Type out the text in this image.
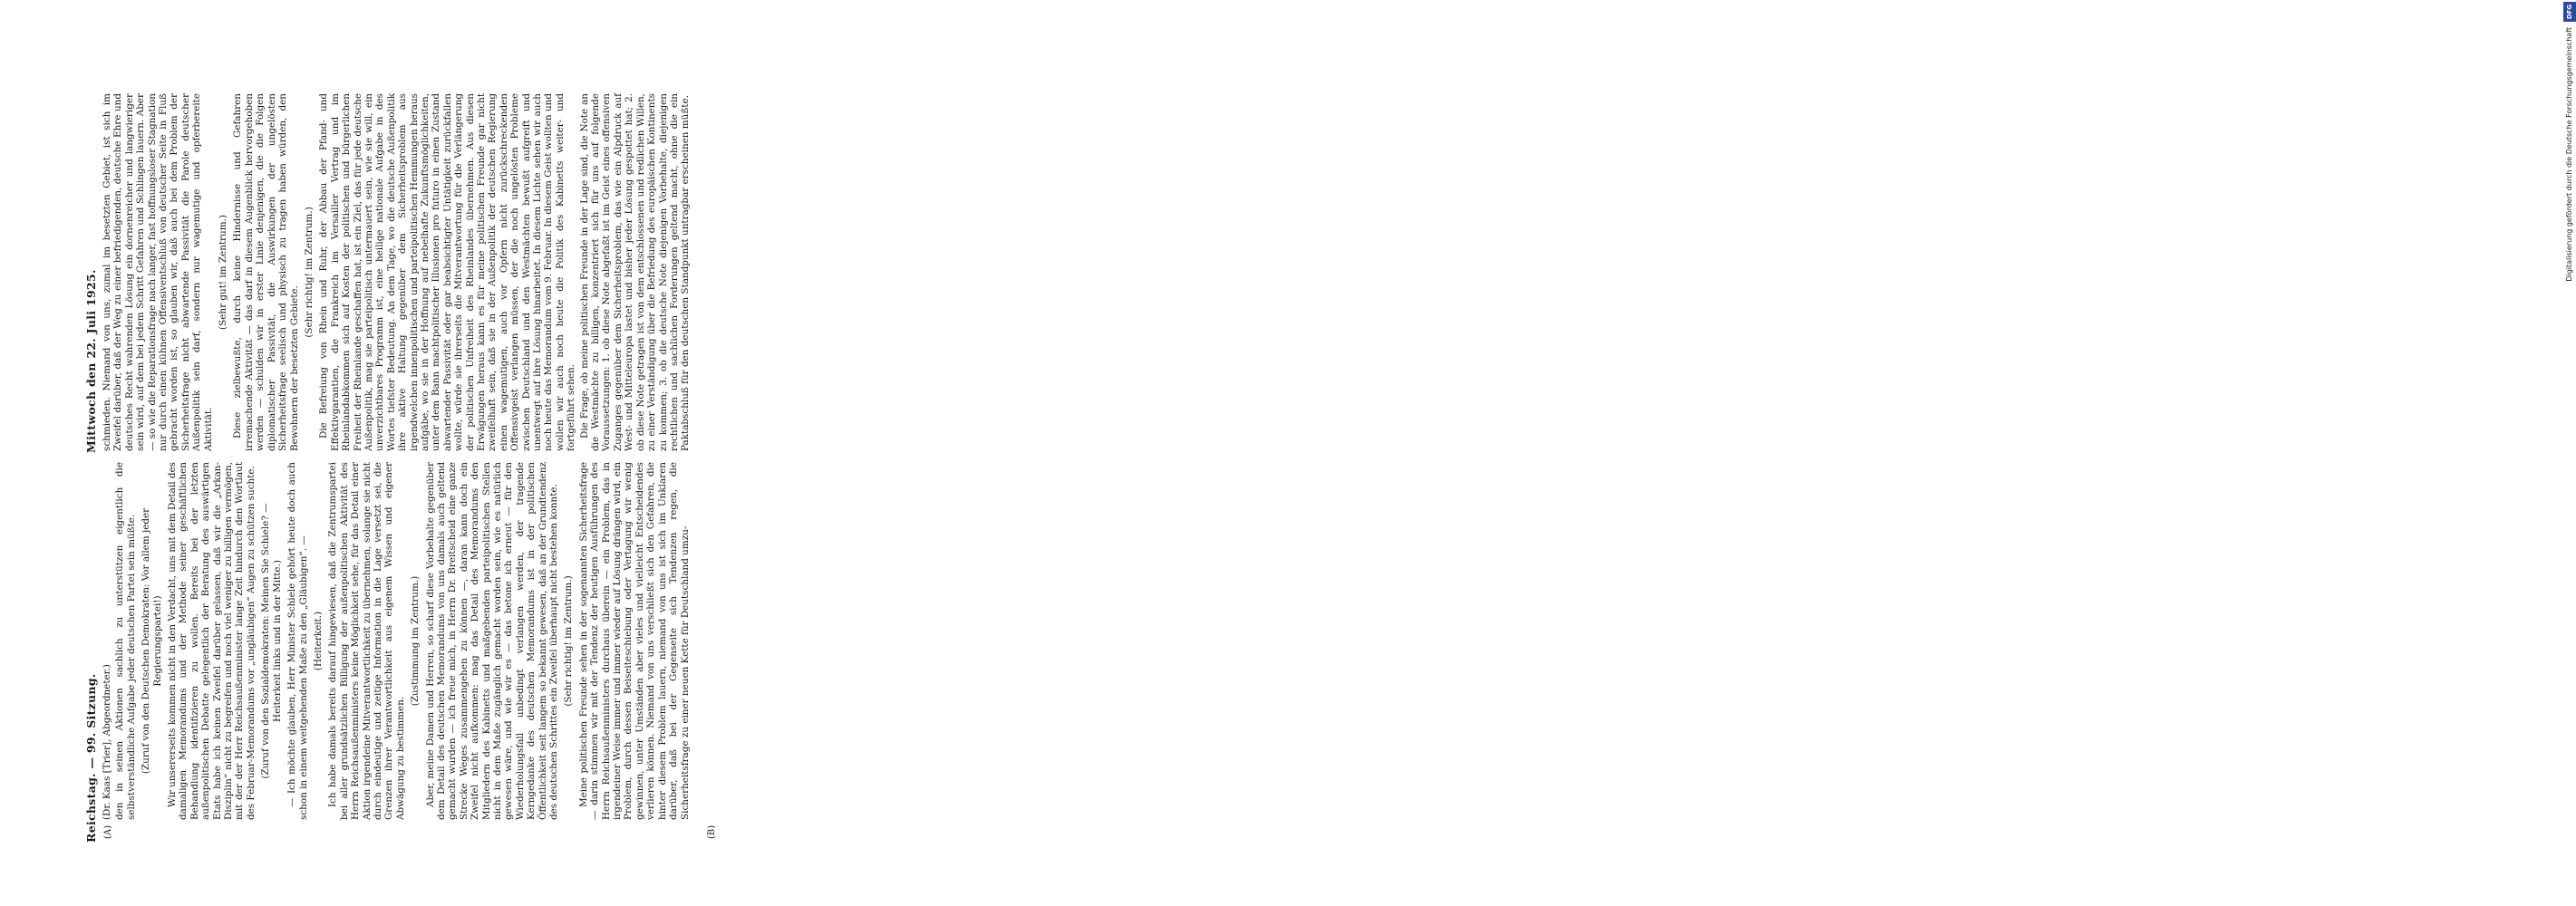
Reichstag. — 99. Sitzung.
Mittwoch den 22. Juli 1925.
(A)	(B)

(Dr. Kaas [Trier], Abgeordneter.) den in seinen Aktionen sachlich zu unterstützen eigentlich die selbstverständliche Aufgabe jeder deutschen Partei sein müßte. (Zuruf von den Deutschen Demokraten: Vor allem jeder Regierungspartei!) Wir unsererseits kommen nicht in den Verdacht, uns mit dem Detail des damaligen Memorandums und der Methode seiner geschäftlichen Behandlung identifizieren zu wollen. Bereits bei der letzten außenpolitischen Debatte gelegentlich der Beratung des auswärtigen Etats habe ich keinen Zweifel darüber gelassen, daß wir die „Arkan-Disziplin“ nicht zu begreifen und noch viel weniger zu billigen vermögen, mit der der Herr Reichsaußenminister lange Zeit hindurch den Wortlaut des Februar-Memorandums vor „ungläubigen“ Augen zu schützen suchte. (Zuruf von den Sozialdemokraten: Meinen Sie Schiele? — Heiterkeit links und in der Mitte.) — Ich möchte glauben, Herr Minister Schiele gehört heute doch auch schon in einem weitgehenden Maße zu den „Gläubigen“. — (Heiterkeit.) Ich habe damals bereits darauf hingewiesen, daß die Zentrumspartei bei aller grundsätzlichen Billigung der außenpolitischen Aktivität des Herrn Reichsaußenministers keine Möglichkeit sehe, für das Detail einer Aktion irgendeine Mitverantwortlichkeit zu übernehmen, solange sie nicht durch eindeutige und zeitige Information in die Lage versetzt sei, die Grenzen ihrer Verantwortlichkeit aus eigenem Wissen und eigener Abwägung zu bestimmen.

(Zustimmung im Zentrum.) Aber, meine Damen und Herren, so scharf diese Vorbehalte gegenüber dem Detail des deutschen Memorandums von uns damals auch geltend gemacht wurden — ich freue mich, in Herrn Dr. Breitscheid eine ganze Strecke Weges zusammengehen zu können —, daran kann doch ein Zweifel nicht aufkommen: mag das Detail des Memorandums den Mitgliedern des Kabinetts und maßgebenden parteipolitischen Stellen nicht in dem Maße zugänglich gemacht worden sein, wie es natürlich gewesen wäre, und wie wir es — das betone ich erneut — für den Wiederholungsfall unbedingt verlangen werden, der tragende Kerngedanke des deutschen Memorandums ist in der politischen Öffentlichkeit seit langem so bekannt gewesen, daß an der Grundtendenz des deutschen Schrittes ein Zweifel überhaupt nicht bestehen konnte. (Sehr richtig! im Zentrum.) Meine politischen Freunde sehen in der sogenannten Sicherheitsfrage — darin stimmen wir mit der Tendenz der heutigen Ausführungen des Herrn Reichsaußenministers durchaus überein — ein Problem, das in irgendeiner Weise immer und immer wieder auf Lösung drängen wird, ein Problem, durch dessen Beiseiteschiebung oder Vertagung wir wenig gewinnen, unter Umständen aber vieles und vielleicht Entscheidendes verlieren können. Niemand von uns verschließt sich den Gefahren, die hinter diesem Problem lauern, niemand von uns ist sich im Unklaren darüber, daß bei der Gegenseite sich Tendenzen regen, die Sicherheitsfrage zu einer neuen Kette für Deutschland umzu-

schmieden. Niemand von uns, zumal im besetzten Gebiet, ist sich im Zweifel darüber, daß der Weg zu einer befriedigenden, deutsche Ehre und deutsches Recht wahrenden Lösung ein dornenreicher und langwieriger sein wird, auf dem bei jedem Schritt Gefahren und Schlingen lauern. Aber — so wie die Reparationsfrage nach langer, fast hoffnungsloser Stagnation nur durch einen kühnen Offensiventschluß von deutscher Seite in Fluß gebracht worden ist, so glauben wir, daß auch bei dem Problem der Sicherheitsfrage nicht abwartende Passivität die Parole deutscher Außenpolitik sein darf, sondern nur wagemutige und opferbereite Aktivität.

(Sehr gut! im Zentrum.) Diese zielbewußte, durch keine Hindernisse und Gefahren irremachende Aktivität — das darf in diesem Augenblick hervorgehoben werden — schulden wir in erster Linie denjenigen, die die Folgen diplomatischer Passivität, die Auswirkungen der ungelösten Sicherheitsfrage seelisch und physisch zu tragen haben würden, den Bewohnern der besetzten Gebiete.

(Sehr richtig! im Zentrum.) Die Befreiung von Rhein und Ruhr, der Abbau der Pfand- und Effektivgarantien, die Frankreich im Versailler Vertrag und im Rheinlandabkommen sich auf Kosten der politischen und bürgerlichen Freiheit der Rheinlande geschaffen hat, ist ein Ziel, das für jede deutsche Außenpolitik, mag sie parteipolitisch untermauert sein, wie sie will, ein unverzichtbares Programm ist, eine heilige nationale Aufgabe in des Wortes tiefster Bedeutung. An dem Tage, wo die deutsche Außenpolitik ihre aktive Haltung gegenüber dem Sicherheitsproblem aus irgendwelchen innenpolitischen und parteipolitischen Hemmungen heraus aufgäbe, wo sie in der Hoffnung auf nebelhafte Zukunftsmöglichkeiten, unter dem Bann machtpolitischer Illusionen pro futuro in einen Zustand abwartender Passivität oder gar beabsichtigter Untätigkeit zurückfallen wollte, würde sie ihrerseits die Mitverantwortung für die Verlängerung der politischen Unfreiheit des Rheinlandes übernehmen. Aus diesen Erwägungen heraus kann es für meine politischen Freunde gar nicht zweifelhaft sein, daß sie in der Außenpolitik der deutschen Regierung einen wagemutigen, auch vor Opfern nicht zurückschreckenden Offensivgeist verlangen müssen, der die noch ungelösten Probleme zwischen Deutschland und den Westmächten bewußt aufgreift und unentwegt auf ihre Lösung hinarbeitet. In diesem Lichte sehen wir auch noch heute das Memorandum vom 9. Februar. In diesem Geist wollten und wollen wir auch noch heute die Politik des Kabinetts weiter- und fortgeführt sehen. Die Frage, ob meine politischen Freunde in der Lage sind, die Note an die Westmächte zu billigen, konzentriert sich für uns auf folgende Voraussetzungen: 1. ob diese Note abgefaßt ist im Geist eines offensiven Zuganges gegenüber dem Sicherheitsproblem, das wie ein Alpdruck auf West- und Mitteleuropa lastet und bisher jeder Lösung gespottet hat; 2. ob diese Note getragen ist von dem entschlossenen und redlichen Willen, zu einer Verständigung über die Befriedung des europäischen Kontinents zu kommen; 3. ob die deutsche Note diejenigen Vorbehalte, diejenigen rechtlichen und sachlichen Forderungen geltend macht, ohne die ein Paktabschluß für den deutschen Standpunkt untragbar erscheinen müßte.	Digitalisierung gefördert durch die Deutsche Forschungsgemeinschaft
DFG
